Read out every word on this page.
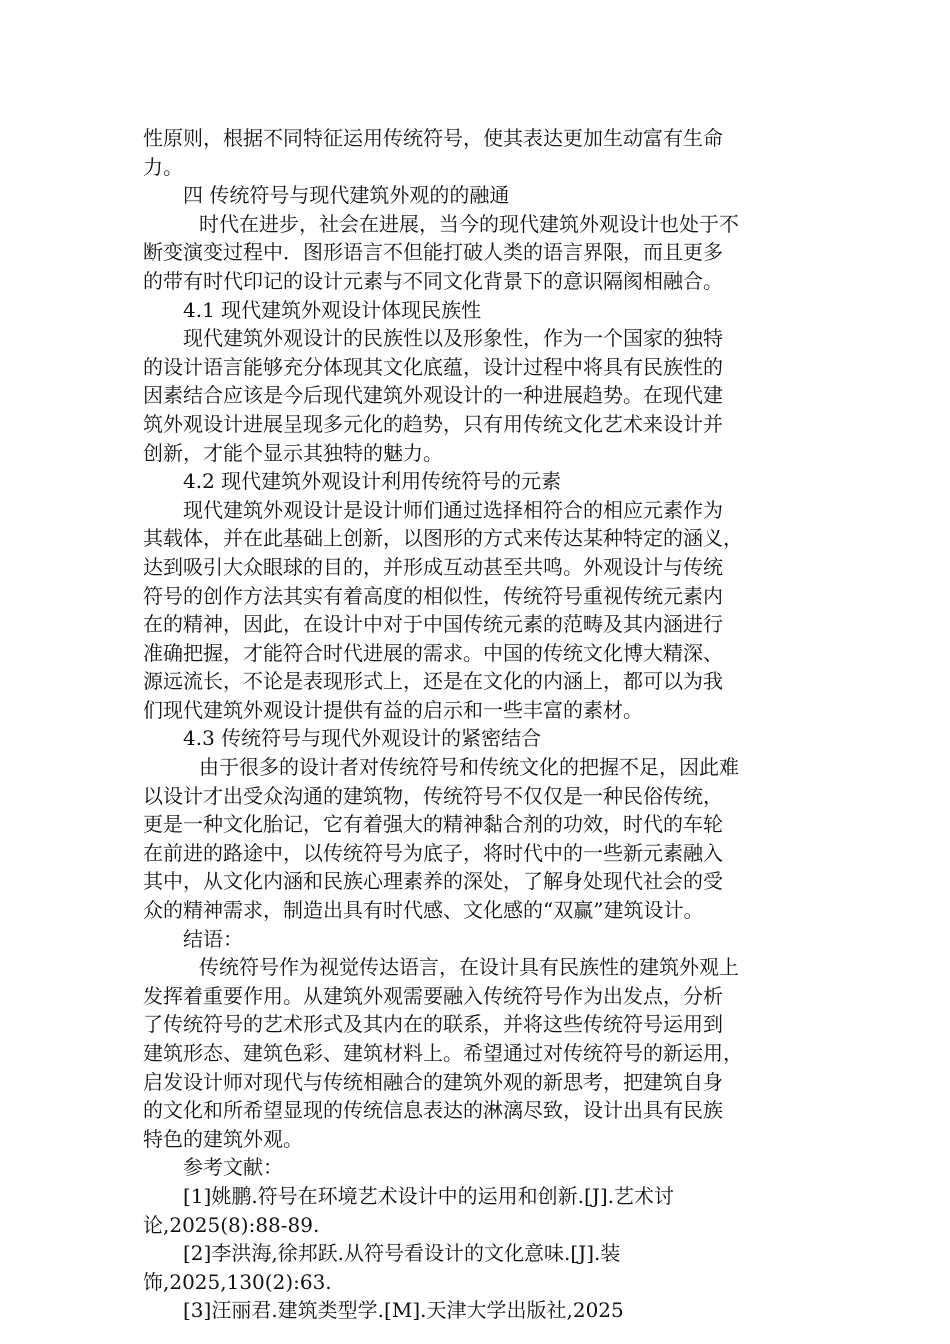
性原则，根据不同特征运用传统符号，使其表达更加生动富有生命
力。
四 传统符号与现代建筑外观的的融通
时代在进步，社会在进展，当今的现代建筑外观设计也处于不
断变演变过程中．图形语言不但能打破人类的语言界限，而且更多
的带有时代印记的设计元素与不同文化背景下的意识隔阂相融合。
4.1 现代建筑外观设计体现民族性
现代建筑外观设计的民族性以及形象性，作为一个国家的独特
的设计语言能够充分体现其文化底蕴，设计过程中将具有民族性的
因素结合应该是今后现代建筑外观设计的一种进展趋势。在现代建
筑外观设计进展呈现多元化的趋势，只有用传统文化艺术来设计并
创新，才能个显示其独特的魅力。
4.2 现代建筑外观设计利用传统符号的元素
现代建筑外观设计是设计师们通过选择相符合的相应元素作为
其载体，并在此基础上创新，以图形的方式来传达某种特定的涵义，
达到吸引大众眼球的目的，并形成互动甚至共鸣。外观设计与传统
符号的创作方法其实有着高度的相似性，传统符号重视传统元素内
在的精神，因此，在设计中对于中国传统元素的范畴及其内涵进行
准确把握，才能符合时代进展的需求。中国的传统文化博大精深、
源远流长，不论是表现形式上，还是在文化的内涵上，都可以为我
们现代建筑外观设计提供有益的启示和一些丰富的素材。
4.3 传统符号与现代外观设计的紧密结合
由于很多的设计者对传统符号和传统文化的把握不足，因此难
以设计才出受众沟通的建筑物，传统符号不仅仅是一种民俗传统，
更是一种文化胎记，它有着强大的精神黏合剂的功效，时代的车轮
在前进的路途中，以传统符号为底子，将时代中的一些新元素融入
其中，从文化内涵和民族心理素养的深处，了解身处现代社会的受
众的精神需求，制造出具有时代感、文化感的“双赢”建筑设计。
结语：
传统符号作为视觉传达语言，在设计具有民族性的建筑外观上
发挥着重要作用。从建筑外观需要融入传统符号作为出发点，分析
了传统符号的艺术形式及其内在的联系，并将这些传统符号运用到
建筑形态、建筑色彩、建筑材料上。希望通过对传统符号的新运用，
启发设计师对现代与传统相融合的建筑外观的新思考，把建筑自身
的文化和所希望显现的传统信息表达的淋漓尽致，设计出具有民族
特色的建筑外观。
参考文献：
[1]姚鹏.符号在环境艺术设计中的运用和创新.[J].艺术讨
论,2025(8):88-89.
[2]李洪海,徐邦跃.从符号看设计的文化意味.[J].装
饰,2025,130(2):63.
[3]汪丽君.建筑类型学.[M].天津大学出版社,2025
